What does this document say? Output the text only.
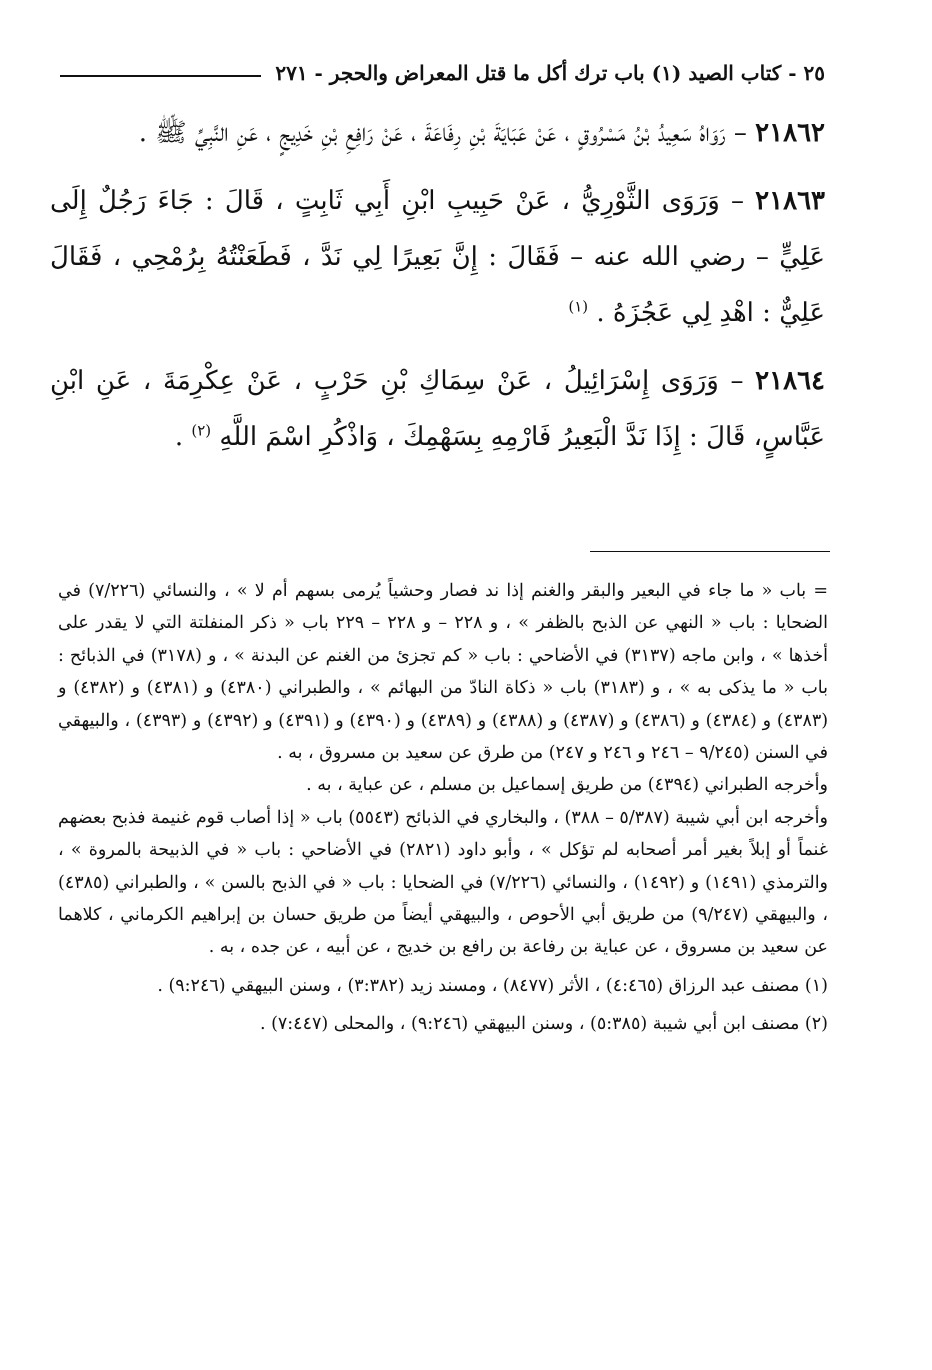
٢٥ - كتاب الصيد (١) باب ترك أكل ما قتل المعراض والحجر - ٢٧١

٢١٨٦٢ – رَوَاهُ سَعِيدُ بْنُ مَسْرُوقٍ ، عَنْ عَبَايَةَ بْنِ رِفَاعَةَ ، عَنْ رَافِعِ بْنِ خَدِيجٍ ، عَنِ النَّبِيِّ ﷺ .

٢١٨٦٣ – وَرَوَى الثَّوْرِيُّ ، عَنْ حَبِيبِ ابْنِ أَبِي ثَابِتٍ ، قَالَ : جَاءَ رَجُلٌ إِلَى عَلِيٍّ – رضي الله عنه – فَقَالَ : إِنَّ بَعِيرًا لِي نَدَّ ، فَطَعَنْتُهُ بِرُمْحِي ، فَقَالَ عَلِيٌّ : اهْدِ لِي عَجُزَهُ . $^{(١)}$

٢١٨٦٤ – وَرَوَى إِسْرَائِيلُ ، عَنْ سِمَاكِ بْنِ حَرْبٍ ، عَنْ عِكْرِمَةَ ، عَنِ ابْنِ عَبَّاسٍ، قَالَ : إِذَا نَدَّ الْبَعِيرُ فَارْمِهِ بِسَهْمِكَ ، وَاذْكُرِ اسْمَ اللَّهِ $^{(٢)}$ .

= باب « ما جاء في البعير والبقر والغنم إذا ند فصار وحشياً يُرمى بسهم أم لا » ، والنسائي (٧/٢٢٦) في الضحايا : باب « النهي عن الذبح بالظفر » ، و ٢٢٨ – و ٢٢٨ – ٢٢٩ باب « ذكر المنفلتة التي لا يقدر على أخذها » ، وابن ماجه (٣١٣٧) في الأضاحي : باب « كم تجزئ من الغنم عن البدنة » ، و (٣١٧٨) في الذبائح : باب « ما يذكى به » ، و (٣١٨٣) باب « ذكاة النادّ من البهائم » ، والطبراني (٤٣٨٠) و (٤٣٨١) و (٤٣٨٢) و (٤٣٨٣) و (٤٣٨٤) و (٤٣٨٦) و (٤٣٨٧) و (٤٣٨٨) و (٤٣٨٩) و (٤٣٩٠) و (٤٣٩١) و (٤٣٩٢) و (٤٣٩٣) ، والبيهقي في السنن (٩/٢٤٥ – ٢٤٦ و ٢٤٦ و ٢٤٧) من طرق عن سعيد بن مسروق ، به .

وأخرجه الطبراني (٤٣٩٤) من طريق إسماعيل بن مسلم ، عن عباية ، به .

وأخرجه ابن أبي شيبة (٥/٣٨٧ – ٣٨٨) ، والبخاري في الذبائح (٥٥٤٣) باب « إذا أصاب قوم غنيمة فذبح بعضهم غنماً أو إبلاً بغير أمر أصحابه لم تؤكل » ، وأبو داود (٢٨٢١) في الأضاحي : باب « في الذبيحة بالمروة » ، والترمذي (١٤٩١) و (١٤٩٢) ، والنسائي (٧/٢٢٦) في الضحايا : باب « في الذبح بالسن » ، والطبراني (٤٣٨٥) ، والبيهقي (٩/٢٤٧) من طريق أبي الأحوص ، والبيهقي أيضاً من طريق حسان بن إبراهيم الكرماني ، كلاهما عن سعيد بن مسروق ، عن عباية بن رفاعة بن رافع بن خديج ، عن أبيه ، عن جده ، به .

(١) مصنف عبد الرزاق (٤:٤٦٥) ، الأثر (٨٤٧٧) ، ومسند زيد (٣:٣٨٢) ، وسنن البيهقي (٩:٢٤٦) .

(٢) مصنف ابن أبي شيبة (٥:٣٨٥) ، وسنن البيهقي (٩:٢٤٦) ، والمحلى (٧:٤٤٧) .
